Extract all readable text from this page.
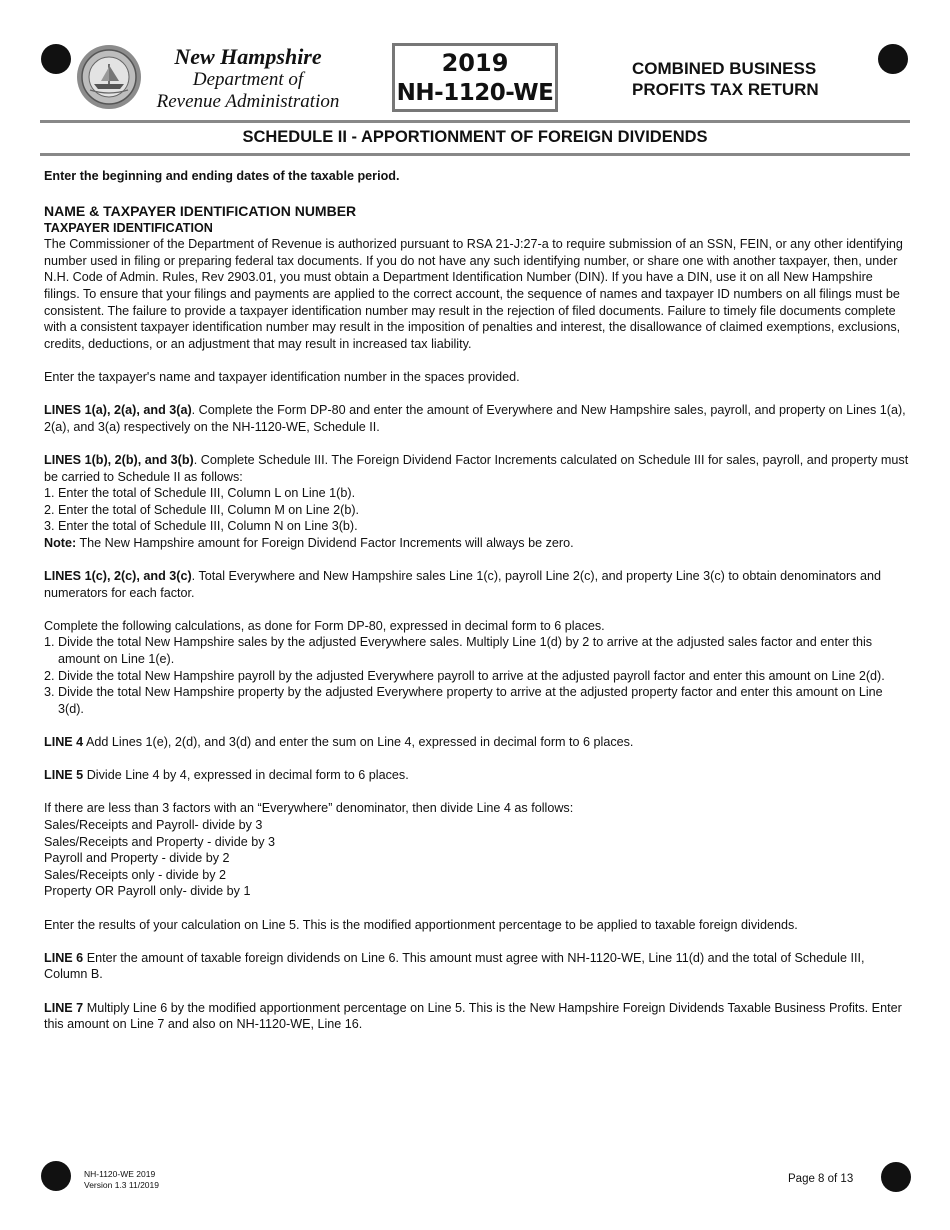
New Hampshire
Department of
Revenue Administration
2019
NH-1120-WE
COMBINED BUSINESS
PROFITS TAX RETURN
SCHEDULE II - APPORTIONMENT OF FOREIGN DIVIDENDS

Enter the beginning and ending dates of the taxable period.

NAME & TAXPAYER IDENTIFICATION NUMBER

TAXPAYER IDENTIFICATION

The Commissioner of the Department of Revenue is authorized pursuant to RSA 21-J:27-a to require submission of an SSN, FEIN, or any other identifying number used in filing or preparing federal tax documents. If you do not have any such identifying number, or share one with another taxpayer, then, under N.H. Code of Admin. Rules, Rev 2903.01, you must obtain a Department Identification Number (DIN). If you have a DIN, use it on all New Hampshire filings. To ensure that your filings and payments are applied to the correct account, the sequence of names and taxpayer ID numbers on all filings must be consistent. The failure to provide a taxpayer identification number may result in the rejection of filed documents. Failure to timely file documents complete with a consistent taxpayer identification number may result in the imposition of penalties and interest, the disallowance of claimed exemptions, exclusions, credits, deductions, or an adjustment that may result in increased tax liability.

Enter the taxpayer's name and taxpayer identification number in the spaces provided.

LINES 1(a), 2(a), and 3(a). Complete the Form DP-80 and enter the amount of Everywhere and New Hampshire sales, payroll, and property on Lines 1(a), 2(a), and 3(a) respectively on the NH-1120-WE, Schedule II.

LINES 1(b), 2(b), and 3(b). Complete Schedule III. The Foreign Dividend Factor Increments calculated on Schedule III for sales, payroll, and property must be carried to Schedule II as follows:

1. Enter the total of Schedule III, Column L on Line 1(b).

2. Enter the total of Schedule III, Column M on Line 2(b).

3. Enter the total of Schedule III, Column N on Line 3(b).

Note: The New Hampshire amount for Foreign Dividend Factor Increments will always be zero.

LINES 1(c), 2(c), and 3(c). Total Everywhere and New Hampshire sales Line 1(c), payroll Line 2(c), and property Line 3(c) to obtain denominators and numerators for each factor.

Complete the following calculations, as done for Form DP-80, expressed in decimal form to 6 places.

1. Divide the total New Hampshire sales by the adjusted Everywhere sales. Multiply Line 1(d) by 2 to arrive at the adjusted sales factor and enter this amount on Line 1(e).

2. Divide the total New Hampshire payroll by the adjusted Everywhere payroll to arrive at the adjusted payroll factor and enter this amount on Line 2(d).

3. Divide the total New Hampshire property by the adjusted Everywhere property to arrive at the adjusted property factor and enter this amount on Line 3(d).

LINE 4 Add Lines 1(e), 2(d), and 3(d) and enter the sum on Line 4, expressed in decimal form to 6 places.

LINE 5 Divide Line 4 by 4, expressed in decimal form to 6 places.

If there are less than 3 factors with an “Everywhere” denominator, then divide Line 4 as follows:

Sales/Receipts and Payroll- divide by 3

Sales/Receipts and Property - divide by 3

Payroll and Property - divide by 2

Sales/Receipts only - divide by 2

Property OR Payroll only- divide by 1

Enter the results of your calculation on Line 5. This is the modified apportionment percentage to be applied to taxable foreign dividends.

LINE 6 Enter the amount of taxable foreign dividends on Line 6. This amount must agree with NH-1120-WE, Line 11(d) and the total of Schedule III, Column B.

LINE 7 Multiply Line 6 by the modified apportionment percentage on Line 5. This is the New Hampshire Foreign Dividends Taxable Business Profits. Enter this amount on Line 7 and also on NH-1120-WE, Line 16.

NH-1120-WE 2019
Version 1.3 11/2019	Page 8 of 13
